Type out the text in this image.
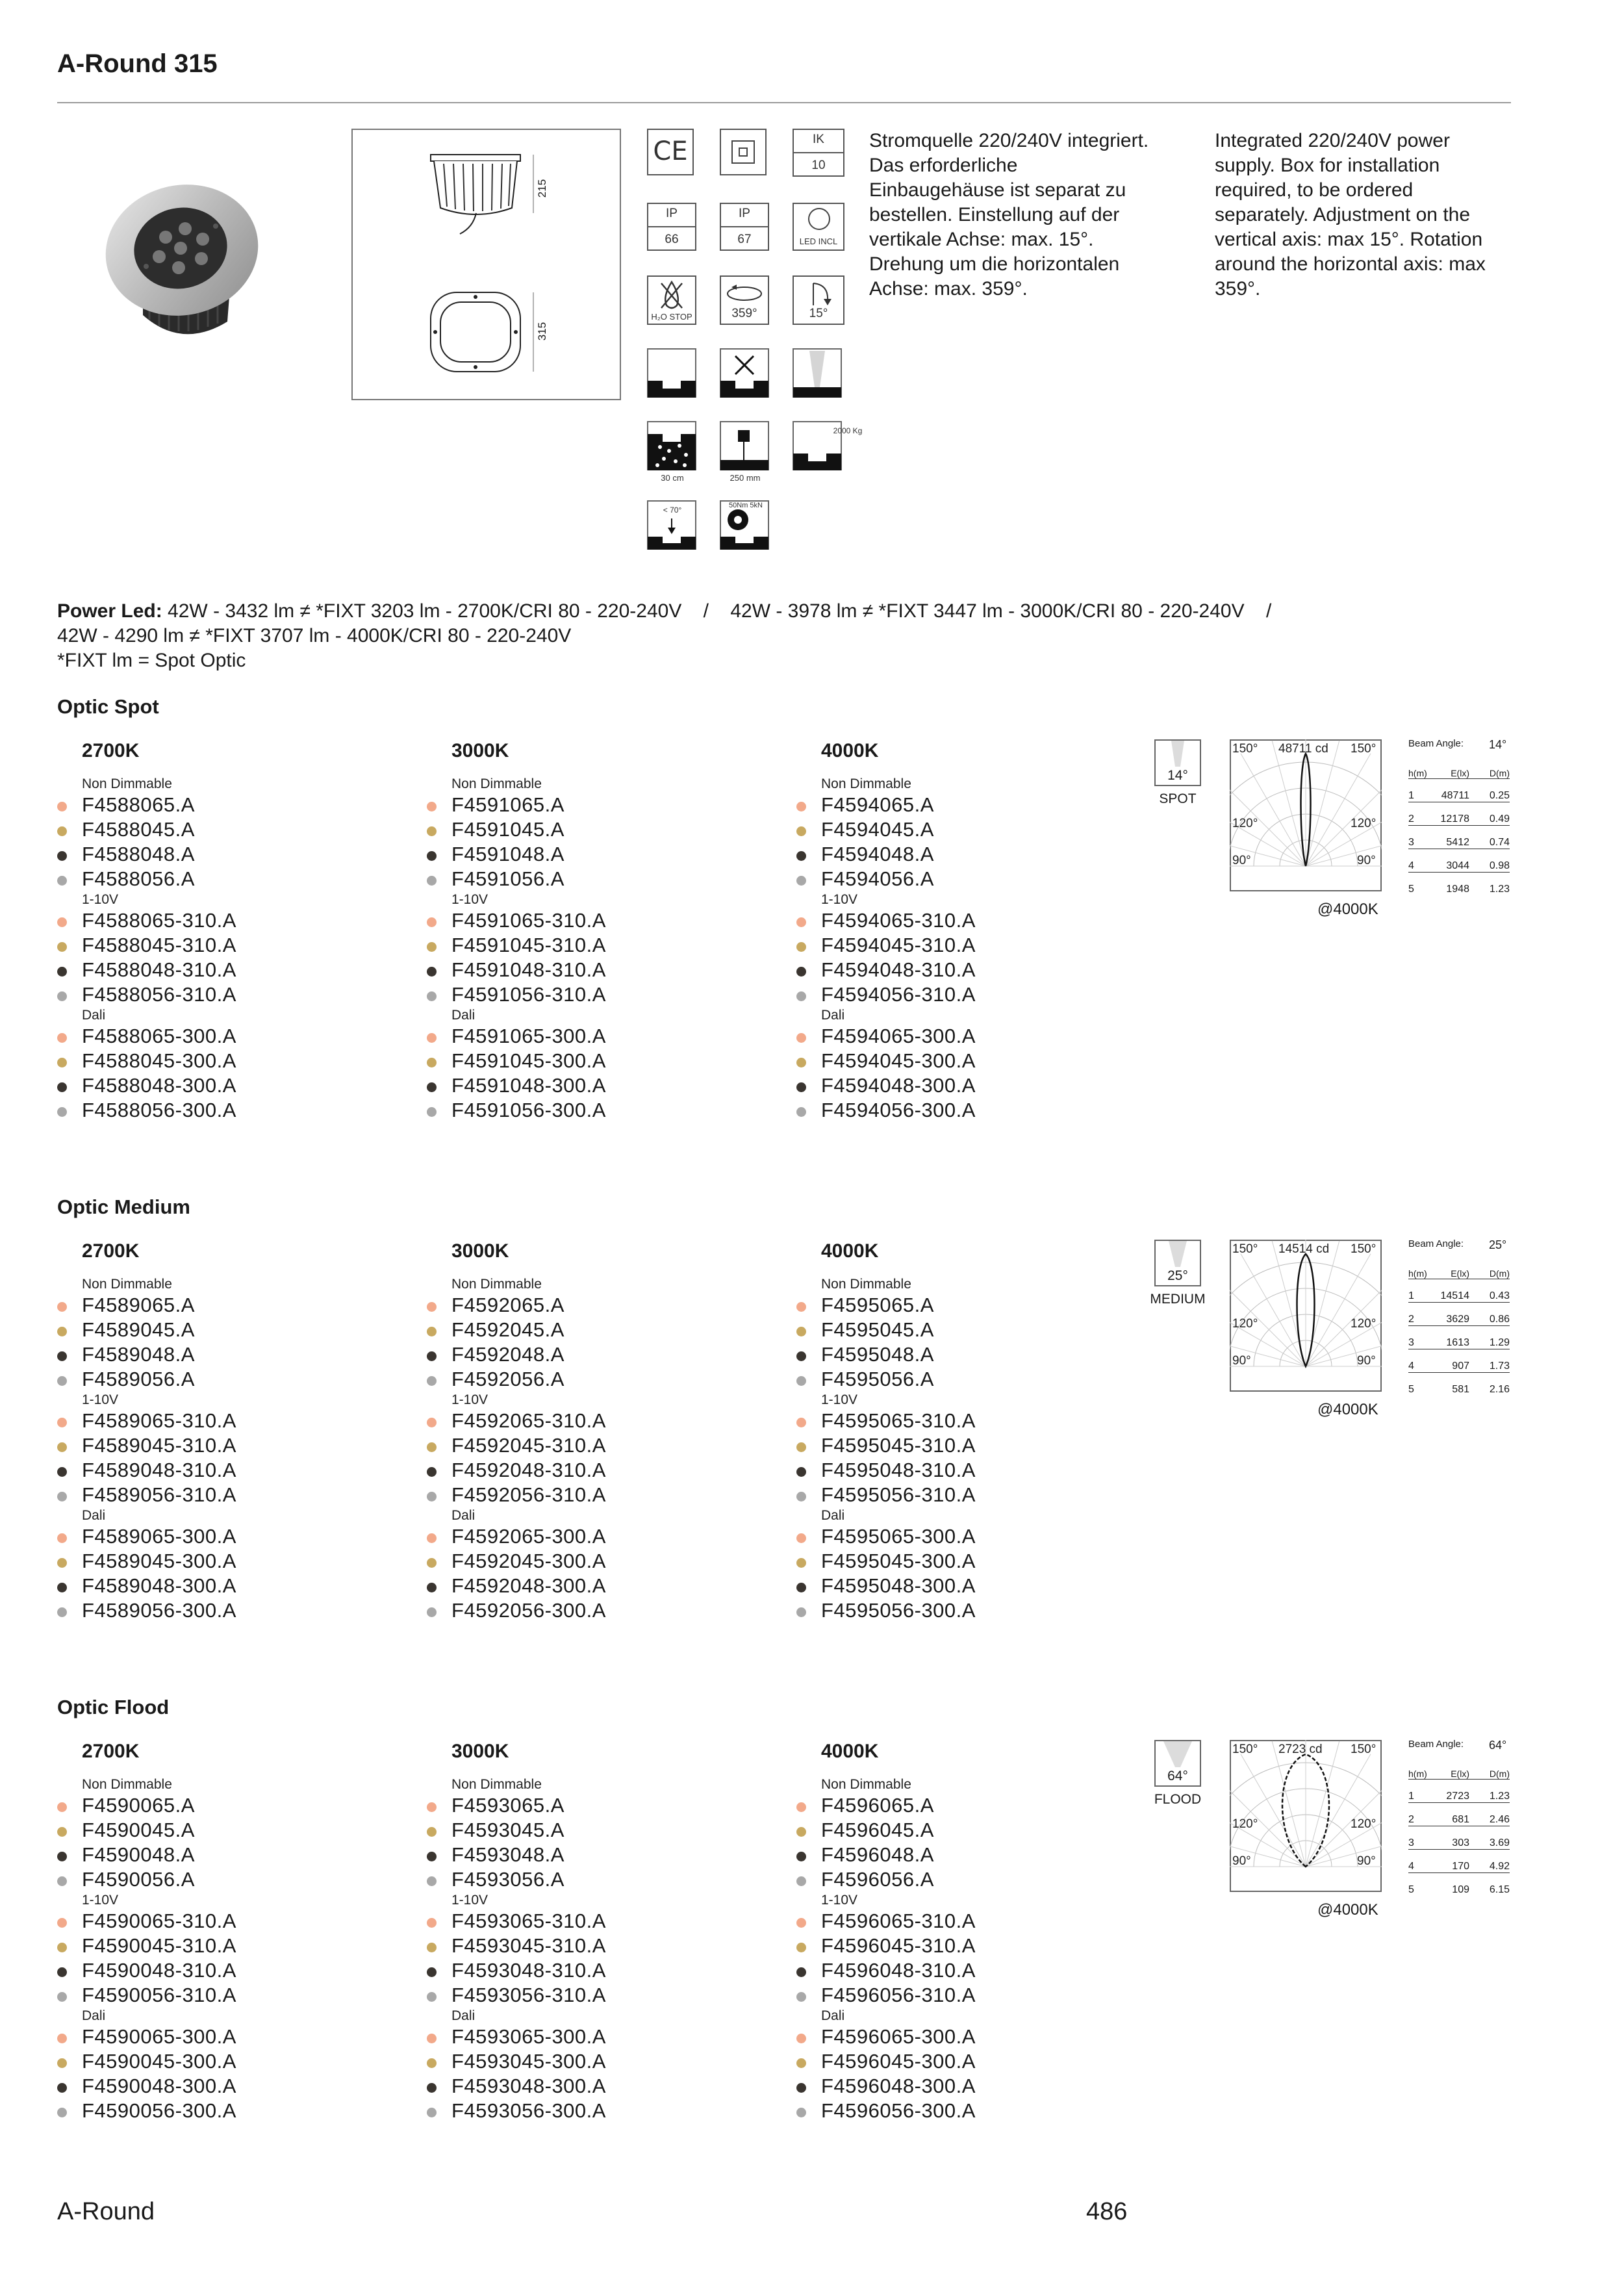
A-Round 315
215
315
CE	IK
10
IP
66
IP
67	LED INCL
H₂O STOP	359°	15°
2000 Kg
30 cm	250 mm
< 70°	50Nm 5kN
Stromquelle 220/240V integriert. Das erforderliche Einbaugehäuse ist separat zu bestellen. Einstellung auf der vertikale Achse: max. 15°. Drehung um die horizontalen Achse: max. 359°.
Integrated 220/240V power supply. Box for installation required, to be ordered separately. Adjustment on the vertical axis: max 15°. Rotation around the horizontal axis: max 359°.
Power Led: 42W - 3432 lm ≠ *FIXT 3203 lm - 2700K/CRI 80 - 220-240V    /    42W - 3978 lm ≠ *FIXT 3447 lm - 3000K/CRI 80 - 220-240V    /
42W - 4290 lm ≠ *FIXT 3707 lm - 4000K/CRI 80 - 220-240V
*FIXT lm = Spot Optic
Optic Spot
2700K
Non Dimmable
F4588065.A
F4588045.A
F4588048.A
F4588056.A
1-10V
F4588065-310.A
F4588045-310.A
F4588048-310.A
F4588056-310.A
Dali
F4588065-300.A
F4588045-300.A
F4588048-300.A
F4588056-300.A
3000K
Non Dimmable
F4591065.A
F4591045.A
F4591048.A
F4591056.A
1-10V
F4591065-310.A
F4591045-310.A
F4591048-310.A
F4591056-310.A
Dali
F4591065-300.A
F4591045-300.A
F4591048-300.A
F4591056-300.A
4000K
Non Dimmable
F4594065.A
F4594045.A
F4594048.A
F4594056.A
1-10V
F4594065-310.A
F4594045-310.A
F4594048-310.A
F4594056-310.A
Dali
F4594065-300.A
F4594045-300.A
F4594048-300.A
F4594056-300.A
14°
SPOT
150°	150°
48711 cd
120°	120°
90°	90°
@4000K
Beam Angle: 14°
h(m)	E(lx)	D(m)
1	48711	0.25
2	12178	0.49
3	5412	0.74
4	3044	0.98
5	1948	1.23
Optic Medium
2700K
Non Dimmable
F4589065.A
F4589045.A
F4589048.A
F4589056.A
1-10V
F4589065-310.A
F4589045-310.A
F4589048-310.A
F4589056-310.A
Dali
F4589065-300.A
F4589045-300.A
F4589048-300.A
F4589056-300.A
3000K
Non Dimmable
F4592065.A
F4592045.A
F4592048.A
F4592056.A
1-10V
F4592065-310.A
F4592045-310.A
F4592048-310.A
F4592056-310.A
Dali
F4592065-300.A
F4592045-300.A
F4592048-300.A
F4592056-300.A
4000K
Non Dimmable
F4595065.A
F4595045.A
F4595048.A
F4595056.A
1-10V
F4595065-310.A
F4595045-310.A
F4595048-310.A
F4595056-310.A
Dali
F4595065-300.A
F4595045-300.A
F4595048-300.A
F4595056-300.A
25°
MEDIUM
150°	150°
14514 cd
120°	120°
90°	90°
@4000K
Beam Angle: 25°
h(m)	E(lx)	D(m)
1	14514	0.43
2	3629	0.86
3	1613	1.29
4	907	1.73
5	581	2.16
Optic Flood
2700K
Non Dimmable
F4590065.A
F4590045.A
F4590048.A
F4590056.A
1-10V
F4590065-310.A
F4590045-310.A
F4590048-310.A
F4590056-310.A
Dali
F4590065-300.A
F4590045-300.A
F4590048-300.A
F4590056-300.A
3000K
Non Dimmable
F4593065.A
F4593045.A
F4593048.A
F4593056.A
1-10V
F4593065-310.A
F4593045-310.A
F4593048-310.A
F4593056-310.A
Dali
F4593065-300.A
F4593045-300.A
F4593048-300.A
F4593056-300.A
4000K
Non Dimmable
F4596065.A
F4596045.A
F4596048.A
F4596056.A
1-10V
F4596065-310.A
F4596045-310.A
F4596048-310.A
F4596056-310.A
Dali
F4596065-300.A
F4596045-300.A
F4596048-300.A
F4596056-300.A
64°
FLOOD
150°	150°
2723 cd
120°	120°
90°	90°
@4000K
Beam Angle: 64°
h(m)	E(lx)	D(m)
1	2723	1.23
2	681	2.46
3	303	3.69
4	170	4.92
5	109	6.15
A-Round	486
